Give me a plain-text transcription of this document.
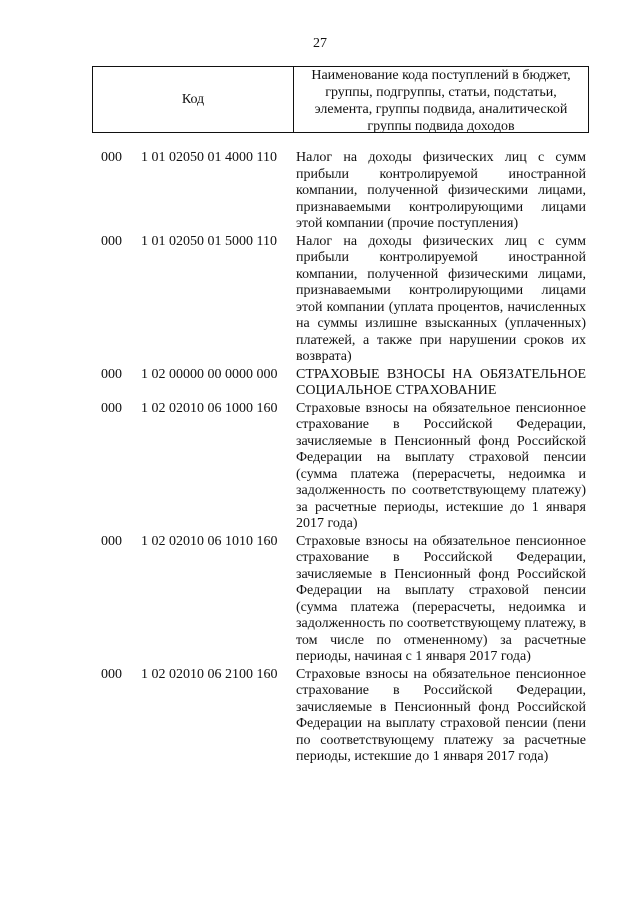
27
Код
Наименование кода поступлений в бюджет, группы, подгруппы, статьи, подстатьи, элемента, группы подвида, аналитической группы подвида доходов
000 1 01 02050 01 4000 110 Налог на доходы физических лиц с сумм прибыли контролируемой иностранной компании, полученной физическими лицами, признаваемыми контролирующими лицами этой компании (прочие поступления)
000 1 01 02050 01 5000 110 Налог на доходы физических лиц с сумм прибыли контролируемой иностранной компании, полученной физическими лицами, признаваемыми контролирующими лицами этой компании (уплата процентов, начисленных на суммы излишне взысканных (уплаченных) платежей, а также при нарушении сроков их возврата)
000 1 02 00000 00 0000 000 СТРАХОВЫЕ ВЗНОСЫ НА ОБЯЗАТЕЛЬНОЕ СОЦИАЛЬНОЕ СТРАХОВАНИЕ
000 1 02 02010 06 1000 160 Страховые взносы на обязательное пенсионное страхование в Российской Федерации, зачисляемые в Пенсионный фонд Российской Федерации на выплату страховой пенсии (сумма платежа (перерасчеты, недоимка и задолженность по соответствующему платежу) за расчетные периоды, истекшие до 1 января 2017 года)
000 1 02 02010 06 1010 160 Страховые взносы на обязательное пенсионное страхование в Российской Федерации, зачисляемые в Пенсионный фонд Российской Федерации на выплату страховой пенсии (сумма платежа (перерасчеты, недоимка и задолженность по соответствующему платежу, в том числе по отмененному) за расчетные периоды, начиная с 1 января 2017 года)
000 1 02 02010 06 2100 160 Страховые взносы на обязательное пенсионное страхование в Российской Федерации, зачисляемые в Пенсионный фонд Российской Федерации на выплату страховой пенсии (пени по соответствующему платежу за расчетные периоды, истекшие до 1 января 2017 года)
